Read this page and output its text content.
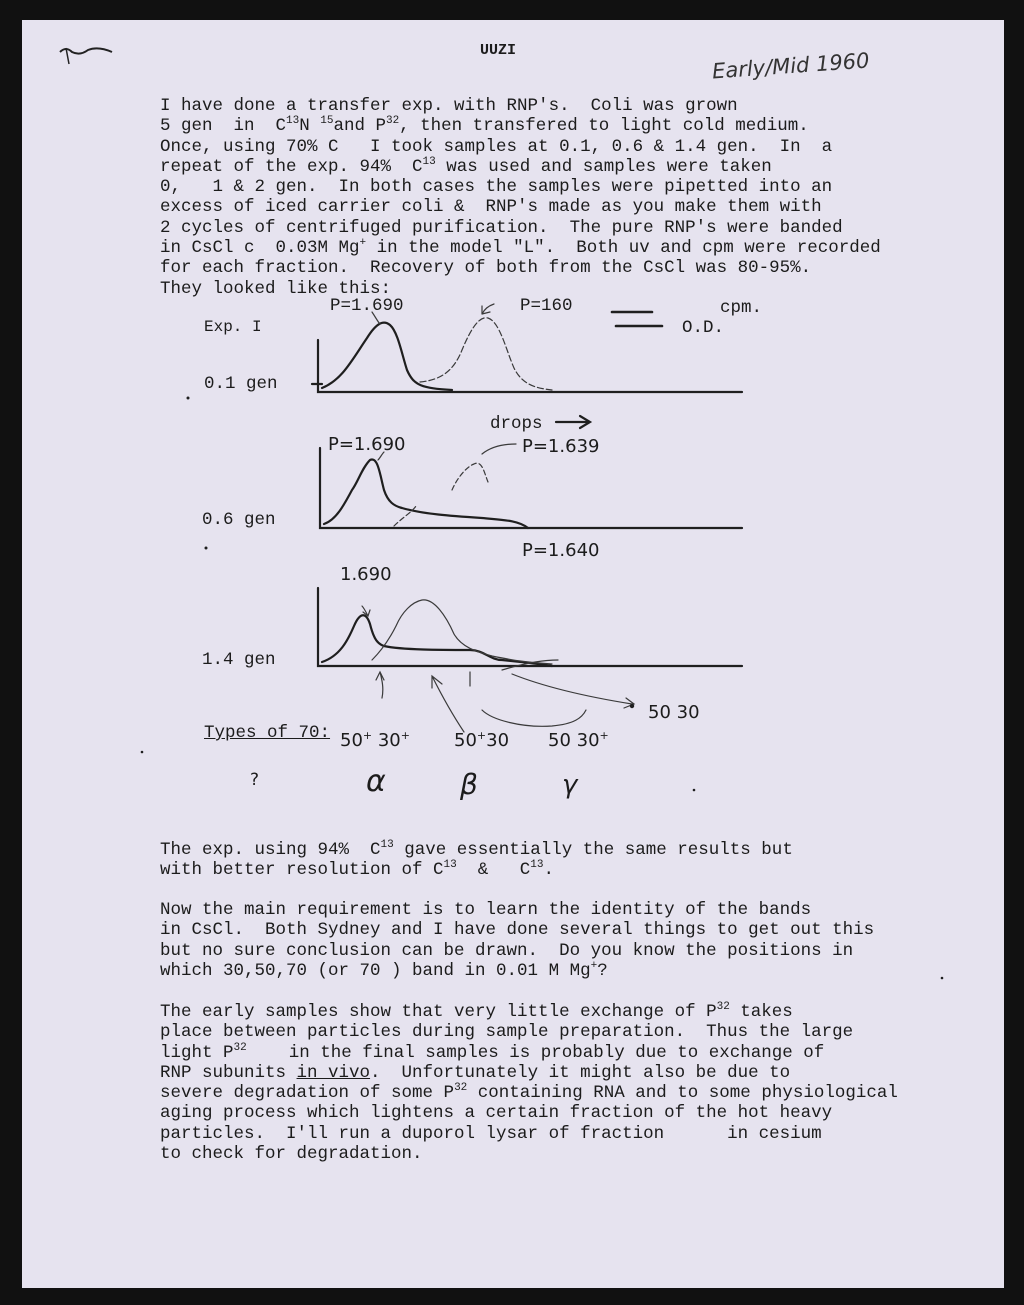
UUZI	Early/Mid 1960

I have done a transfer exp. with RNP's.  Coli was grown

5 gen  in  $C^{13}N$ $^{15}$and $P^{32}$, then transfered to light cold medium.

Once, using 70% C   I took samples at 0.1, 0.6 & 1.4 gen.  In  a

repeat of the exp. 94%  $C^{13}$ was used and samples were taken

0,   1 & 2 gen.  In both cases the samples were pipetted into an

excess of iced carrier coli &  RNP's made as you make them with

2 cycles of centrifuged purification.  The pure RNP's were banded

in CsCl c  0.03M Mg+ in the model "L".  Both uv and cpm were recorded

for each fraction.  Recovery of both from the CsCl was 80-95%.

They looked like this:

P=1.690	P=160	cpm.
O.D.
Exp. I
0.1 gen
drops
P=1.690	P=1.639
0.6 gen
P=1.640
1.690
1.4 gen
50 30
Types of 70: 50+ 30+ 50+30 50 30+
α	β	γ
?

The exp. using 94%  $C^{13}$ gave essentially the same results but

with better resolution of $C^{13}$  &   $C^{13}$.

Now the main requirement is to learn the identity of the bands

in CsCl.  Both Sydney and I have done several things to get out this

but no sure conclusion can be drawn.  Do you know the positions in

which 30,50,70 (or 70 ) band in 0.01 M Mg+?

The early samples show that very little exchange of $P^{32}$ takes

place between particles during sample preparation.  Thus the large

light $P^{32}$    in the final samples is probably due to exchange of

RNP subunits in vivo.  Unfortunately it might also be due to

severe degradation of some $P^{32}$ containing RNA and to some physiological

aging process which lightens a certain fraction of the hot heavy

particles.  I'll run a duporol lysar of fraction      in cesium

to check for degradation.
